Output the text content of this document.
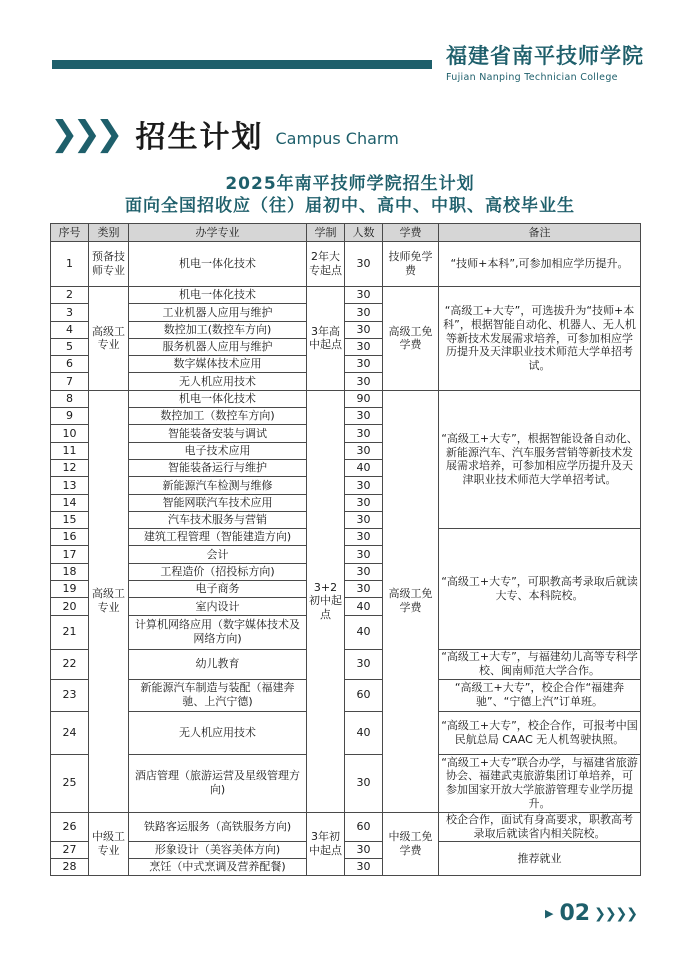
福建省南平技师学院
Fujian Nanping Technician College
❯
❯
❯ 招生计划 Campus Charm
2025年南平技师学院招生计划
面向全国招收应（往）届初中、高中、中职、高校毕业生
序号	类别	办学专业	学制	人数	学费	备注
1	预备技师专业	机电一体化技术	2年大专起点	30	技师免学费	“技师+本科”,可参加相应学历提升。
2	高级工专业	机电一体化技术	3年高中起点	30	高级工免学费	“高级工+大专”，可选拔升为“技师+本科”，根据智能自动化、机器人、无人机等新技术发展需求培养，可参加相应学历提升及天津职业技术师范大学单招考试。
3		工业机器人应用与维护		30		
4		数控加工(数控车方向)		30		
5		服务机器人应用与维护		30		
6		数字媒体技术应用		30		
7		无人机应用技术		30		
8	高级工专业	机电一体化技术	3+2初中起点	90	高级工免学费	“高级工+大专”，根据智能设备自动化、新能源汽车、汽车服务营销等新技术发展需求培养，可参加相应学历提升及天津职业技术师范大学单招考试。
9		数控加工（数控车方向)		30		
10		智能装备安装与调试		30		
11		电子技术应用		30		
12		智能装备运行与维护		40		
13		新能源汽车检测与维修		30		
14		智能网联汽车技术应用		30		
15		汽车技术服务与营销		30		
16		建筑工程管理（智能建造方向)		30		“高级工+大专”，可职教高考录取后就读大专、本科院校。
17		会计		30		
18		工程造价（招投标方向)		30		
19		电子商务		30		
20		室内设计		40		
21		计算机网络应用（数字媒体技术及网络方向)		40		
22		幼儿教育		30		“高级工+大专”，与福建幼儿高等专科学校、闽南师范大学合作。
23		新能源汽车制造与装配（福建奔驰、上汽宁德)		60		“高级工+大专”，校企合作“福建奔驰”、“宁德上汽”订单班。
24		无人机应用技术		40		“高级工+大专”，校企合作，可报考中国民航总局 CAAC 无人机驾驶执照。
25		酒店管理（旅游运营及星级管理方向)		30		“高级工+大专”联合办学，与福建省旅游协会、福建武夷旅游集团订单培养，可参加国家开放大学旅游管理专业学历提升。
26	中级工专业	铁路客运服务（高铁服务方向)	3年初中起点	60	中级工免学费	校企合作，面试有身高要求，职教高考录取后就读省内相关院校。
27		形象设计（美容美体方向)		30		推荐就业
28		烹饪（中式烹调及营养配餐)		30		
▶ 02 ❯❯❯❯
